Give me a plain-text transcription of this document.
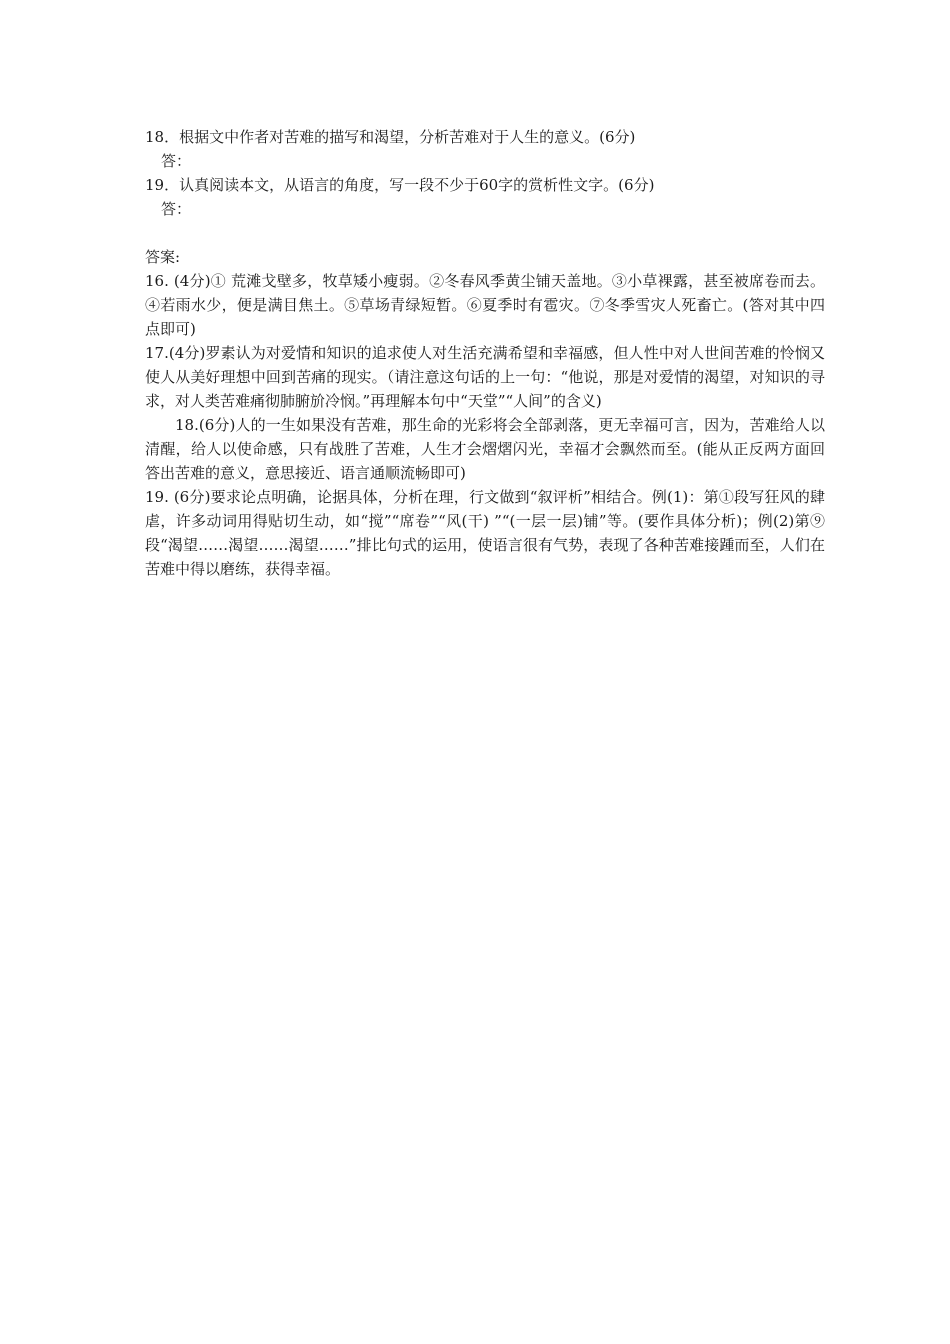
18．根据文中作者对苦难的描写和渴望，分析苦难对于人生的意义。(6分)
答：
19．认真阅读本文，从语言的角度，写一段不少于60字的赏析性文字。(6分)
答：
答案:
16. (4分)① 荒滩戈壁多，牧草矮小瘦弱。②冬春风季黄尘铺天盖地。③小草裸露，甚至被席卷而去。④若雨水少，便是满目焦土。⑤草场青绿短暂。⑥夏季时有雹灾。⑦冬季雪灾人死畜亡。(答对其中四点即可)
17.(4分)罗素认为对爱情和知识的追求使人对生活充满希望和幸福感，但人性中对人世间苦难的怜悯又使人从美好理想中回到苦痛的现实。（请注意这句话的上一句：“他说，那是对爱情的渴望，对知识的寻求，对人类苦难痛彻肺腑斺冷悯。”再理解本句中“天堂”“人间”的含义)
18.(6分)人的一生如果没有苦难，那生命的光彩将会全部剥落，更无幸福可言，因为，苦难给人以清醒，给人以使命感，只有战胜了苦难，人生才会熠熠闪光，幸福才会飘然而至。(能从正反两方面回答出苦难的意义，意思接近、语言通顺流畅即可)
19. (6分)要求论点明确，论据具体，分析在理，行文做到“叙评析”相结合。例(1)：第①段写狂风的肆虐，许多动词用得贴切生动，如“搅”“席卷”“风(干) ”“(一层一层)铺”等。(要作具体分析)；例(2)第⑨段“渴望……渴望……渴望……”排比句式的运用，使语言很有气势，表现了各种苦难接踵而至，人们在苦难中得以磨练，获得幸福。
